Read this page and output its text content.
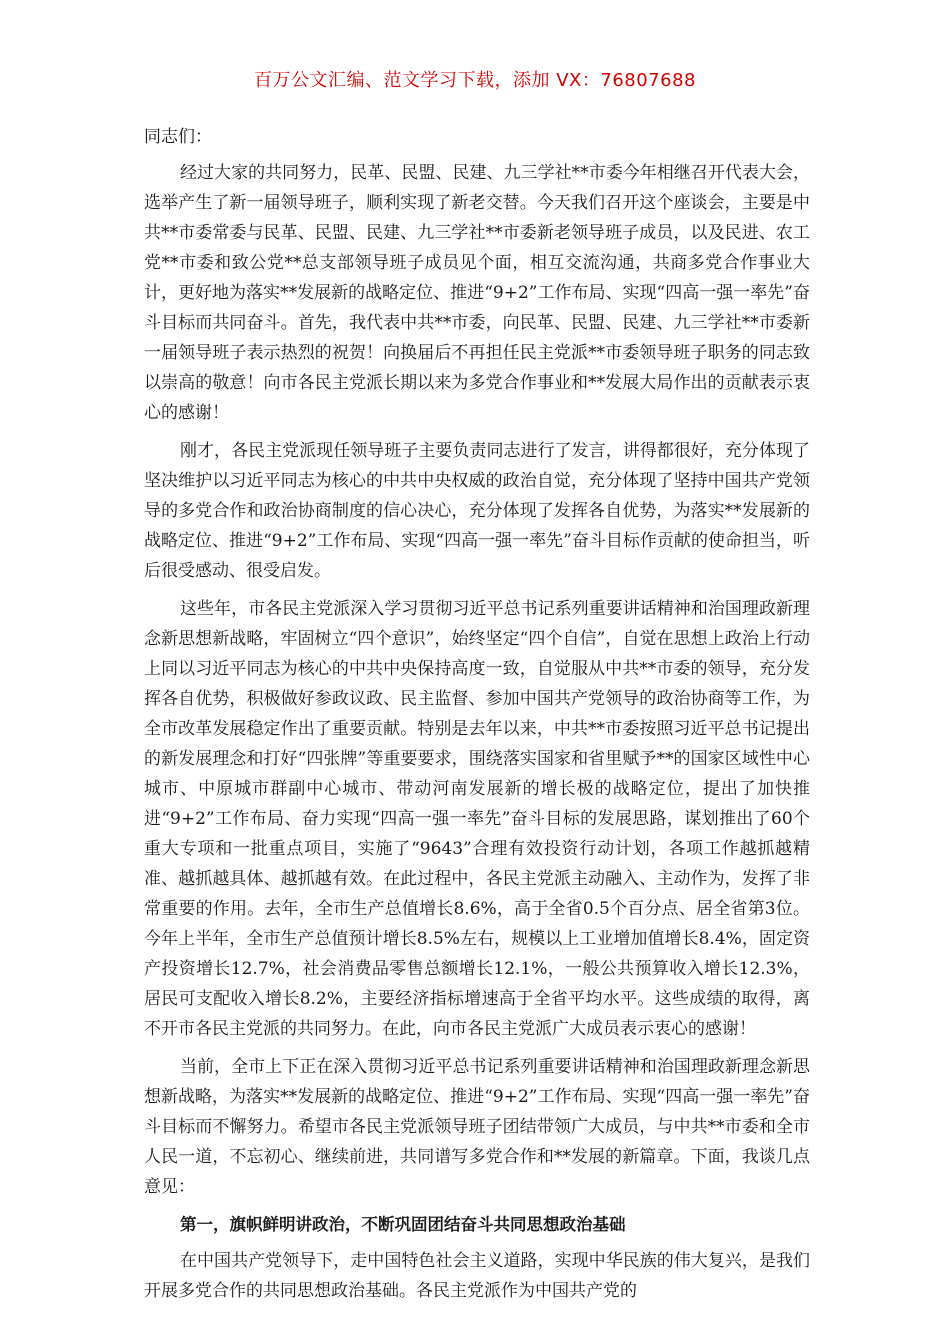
百万公文汇编、范文学习下载，添加 VX：76807688

同志们：

经过大家的共同努力，民革、民盟、民建、九三学社**市委今年相继召开代表大会，选举产生了新一届领导班子，顺利实现了新老交替。今天我们召开这个座谈会，主要是中共**市委常委与民革、民盟、民建、九三学社**市委新老领导班子成员，以及民进、农工党**市委和致公党**总支部领导班子成员见个面，相互交流沟通，共商多党合作事业大计，更好地为落实**发展新的战略定位、推进“9+2”工作布局、实现“四高一强一率先”奋斗目标而共同奋斗。首先，我代表中共**市委，向民革、民盟、民建、九三学社**市委新一届领导班子表示热烈的祝贺！向换届后不再担任民主党派**市委领导班子职务的同志致以崇高的敬意！向市各民主党派长期以来为多党合作事业和**发展大局作出的贡献表示衷心的感谢！

刚才，各民主党派现任领导班子主要负责同志进行了发言，讲得都很好，充分体现了坚决维护以习近平同志为核心的中共中央权威的政治自觉，充分体现了坚持中国共产党领导的多党合作和政治协商制度的信心决心，充分体现了发挥各自优势，为落实**发展新的战略定位、推进“9+2”工作布局、实现“四高一强一率先”奋斗目标作贡献的使命担当，听后很受感动、很受启发。

这些年，市各民主党派深入学习贯彻习近平总书记系列重要讲话精神和治国理政新理念新思想新战略，牢固树立“四个意识”，始终坚定“四个自信”，自觉在思想上政治上行动上同以习近平同志为核心的中共中央保持高度一致，自觉服从中共**市委的领导，充分发挥各自优势，积极做好参政议政、民主监督、参加中国共产党领导的政治协商等工作，为全市改革发展稳定作出了重要贡献。特别是去年以来，中共**市委按照习近平总书记提出的新发展理念和打好“四张牌”等重要要求，围绕落实国家和省里赋予**的国家区域性中心城市、中原城市群副中心城市、带动河南发展新的增长极的战略定位，提出了加快推进“9+2”工作布局、奋力实现“四高一强一率先”奋斗目标的发展思路，谋划推出了60个重大专项和一批重点项目，实施了“9643”合理有效投资行动计划，各项工作越抓越精准、越抓越具体、越抓越有效。在此过程中，各民主党派主动融入、主动作为，发挥了非常重要的作用。去年，全市生产总值增长8.6%，高于全省0.5个百分点、居全省第3位。今年上半年，全市生产总值预计增长8.5%左右，规模以上工业增加值增长8.4%，固定资产投资增长12.7%，社会消费品零售总额增长12.1%，一般公共预算收入增长12.3%，居民可支配收入增长8.2%，主要经济指标增速高于全省平均水平。这些成绩的取得，离不开市各民主党派的共同努力。在此，向市各民主党派广大成员表示衷心的感谢！

当前，全市上下正在深入贯彻习近平总书记系列重要讲话精神和治国理政新理念新思想新战略，为落实**发展新的战略定位、推进“9+2”工作布局、实现“四高一强一率先”奋斗目标而不懈努力。希望市各民主党派领导班子团结带领广大成员，与中共**市委和全市人民一道，不忘初心、继续前进，共同谱写多党合作和**发展的新篇章。下面，我谈几点意见：

第一，旗帜鲜明讲政治，不断巩固团结奋斗共同思想政治基础

在中国共产党领导下，走中国特色社会主义道路，实现中华民族的伟大复兴，是我们开展多党合作的共同思想政治基础。各民主党派作为中国共产党的
